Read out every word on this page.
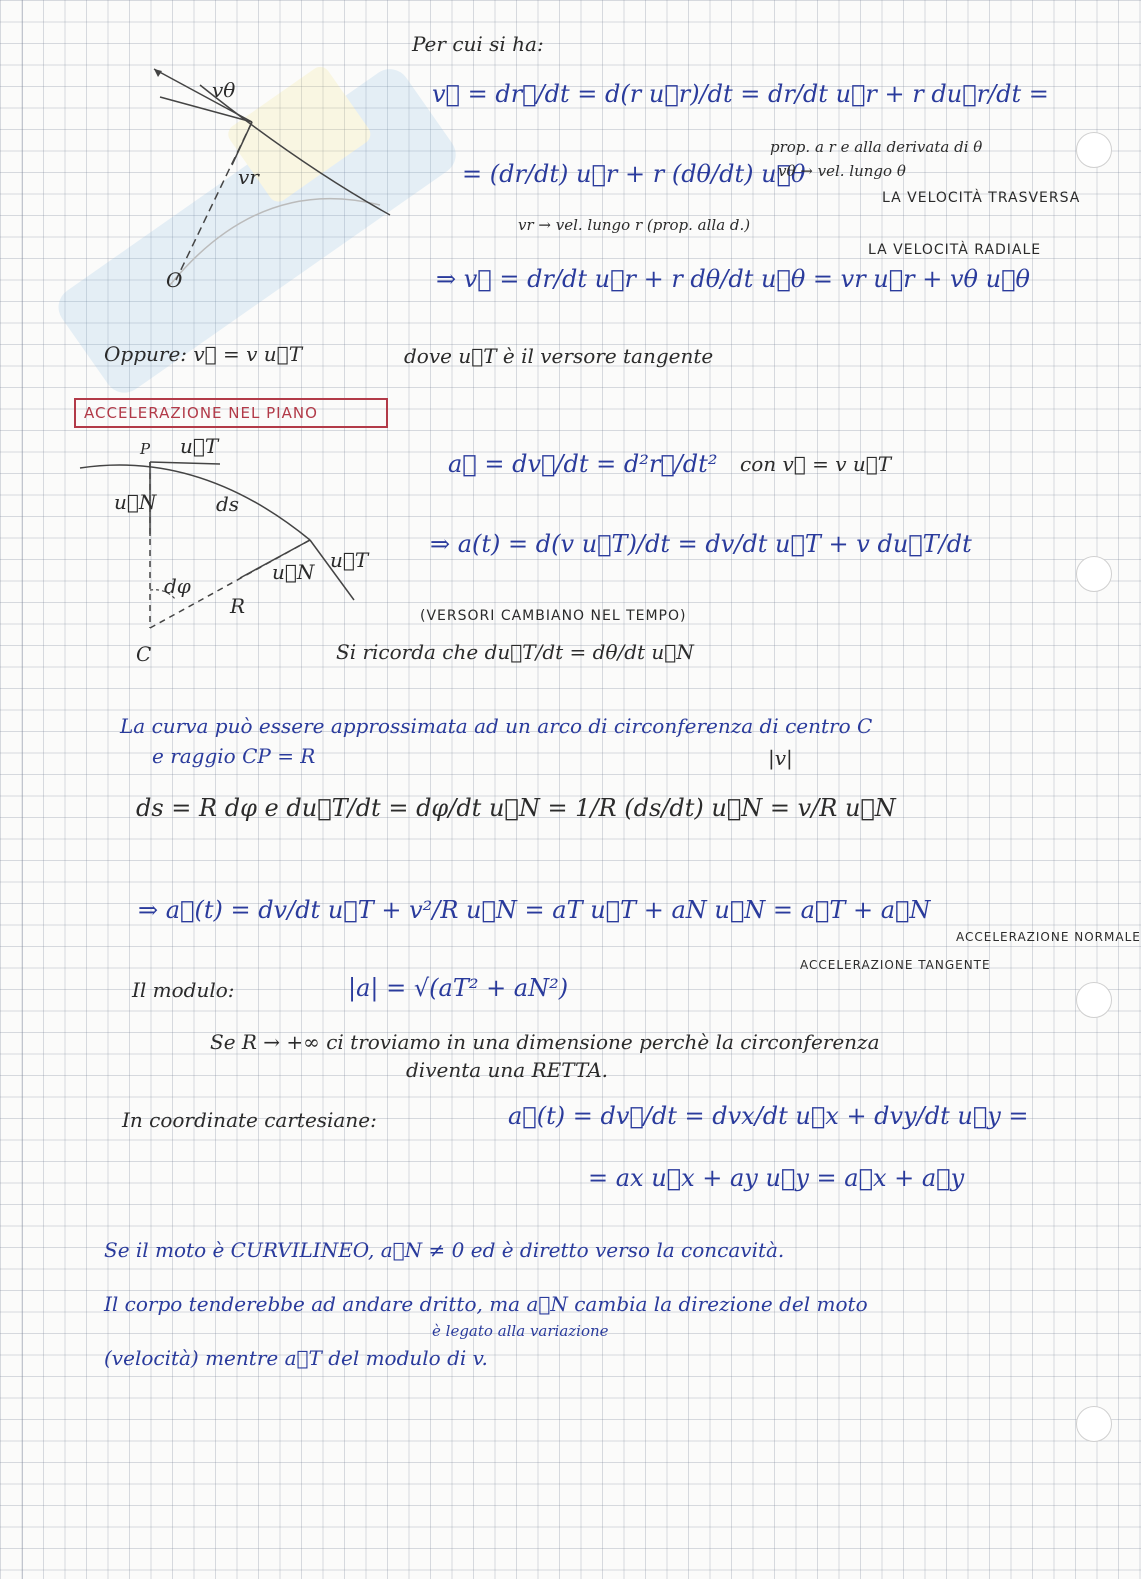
vθ
vr
O
Per cui si ha:
v⃗ = dr⃗/dt = d(r u⃗r)/dt = dr/dt u⃗r + r du⃗r/dt =
= (dr/dt) u⃗r + r (dθ/dt) u⃗θ
prop. a r e alla derivata di θ
vθ → vel. lungo θ
LA VELOCITÀ TRASVERSA
vr → vel. lungo r (prop. alla d.)
LA VELOCITÀ RADIALE
⇒ v⃗ = dr/dt u⃗r + r dθ/dt u⃗θ = vr u⃗r + vθ u⃗θ
Oppure: v⃗ = v u⃗T	dove u⃗T è il versore tangente
ACCELERAZIONE NEL PIANO
P u⃗T
u⃗N	ds
dφ
R
C
u⃗N u⃗T
a⃗ = dv⃗/dt = d²r⃗/dt² con v⃗ = v u⃗T
⇒ a(t) = d(v u⃗T)/dt = dv/dt u⃗T + v du⃗T/dt
(VERSORI CAMBIANO NEL TEMPO)
Si ricorda che du⃗T/dt = dθ/dt u⃗N
La curva può essere approssimata ad un arco di circonferenza di centro C
e raggio CP = R	|v|
ds = R dφ e du⃗T/dt = dφ/dt u⃗N = 1/R (ds/dt) u⃗N = v/R u⃗N
⇒ a⃗(t) = dv/dt u⃗T + v²/R u⃗N = aT u⃗T + aN u⃗N = a⃗T + a⃗N
ACCELERAZIONE TANGENTE
ACCELERAZIONE NORMALE
Il modulo:	|a| = √(aT² + aN²)
Se R → +∞ ci troviamo in una dimensione perchè la circonferenza
diventa una RETTA.
In coordinate cartesiane:	a⃗(t) = dv⃗/dt = dvx/dt u⃗x + dvy/dt u⃗y =
= ax u⃗x + ay u⃗y = a⃗x + a⃗y
Se il moto è CURVILINEO, a⃗N ≠ 0 ed è diretto verso la concavità.
Il corpo tenderebbe ad andare dritto, ma a⃗N cambia la direzione del moto
è legato alla variazione
(velocità) mentre a⃗T del modulo di v.
